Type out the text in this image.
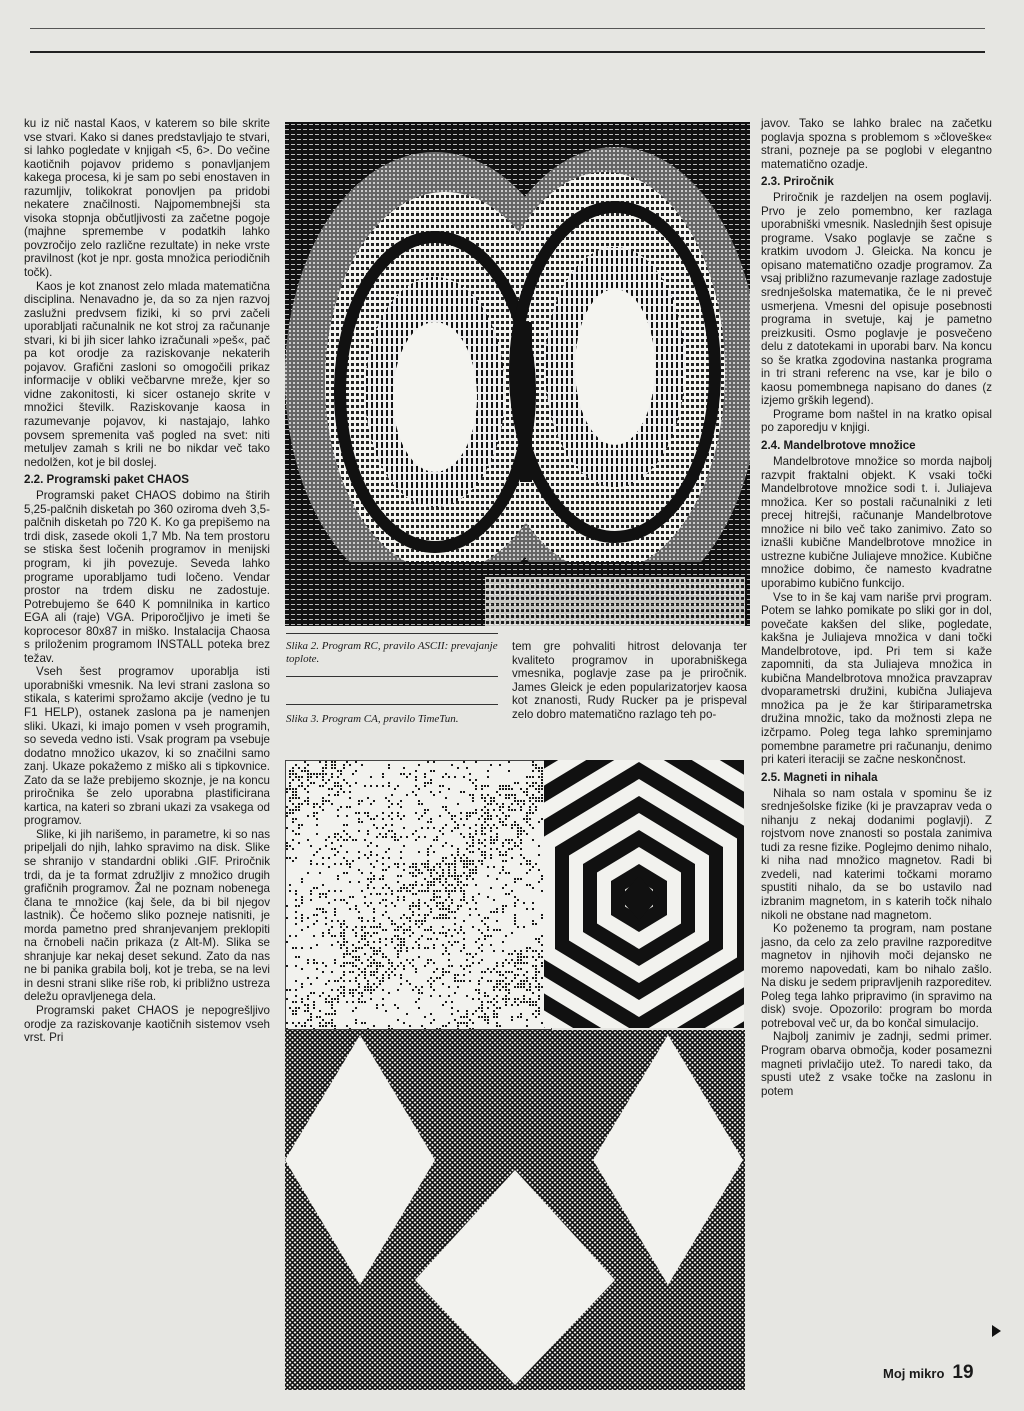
ku iz nič nastal Kaos, v katerem so bile skrite vse stvari. Kako si danes predstavljajo te stvari, si lahko pogledate v knjigah <5, 6>. Do večine kaotičnih pojavov pridemo s ponavljanjem kakega procesa, ki je sam po sebi enostaven in razumljiv, tolikokrat ponovljen pa pridobi nekatere značilnosti. Najpomembnejši sta visoka stopnja občutljivosti za začetne pogoje (majhne spremembe v podatkih lahko povzročijo zelo različne rezultate) in neke vrste pravilnost (kot je npr. gosta množica periodičnih točk).

Kaos je kot znanost zelo mlada matematična disciplina. Nenavadno je, da so za njen razvoj zaslužni predvsem fiziki, ki so prvi začeli uporabljati računalnik ne kot stroj za računanje stvari, ki bi jih sicer lahko izračunali »peš«, pač pa kot orodje za raziskovanje nekaterih pojavov. Grafični zasloni so omogočili prikaz informacije v obliki večbarvne mreže, kjer so vidne zakonitosti, ki sicer ostanejo skrite v množici številk. Raziskovanje kaosa in razumevanje pojavov, ki nastajajo, lahko povsem spremenita vaš pogled na svet: niti metuljev zamah s krili ne bo nikdar več tako nedolžen, kot je bil doslej.

2.2. Programski paket CHAOS

Programski paket CHAOS dobimo na štirih 5,25-palčnih disketah po 360 oziroma dveh 3,5-palčnih disketah po 720 K. Ko ga prepišemo na trdi disk, zasede okoli 1,7 Mb. Na tem prostoru se stiska šest ločenih programov in menijski program, ki jih povezuje. Seveda lahko programe uporabljamo tudi ločeno. Vendar prostor na trdem disku ne zadostuje. Potrebujemo še 640 K pomnilnika in kartico EGA ali (raje) VGA. Priporočljivo je imeti še koprocesor 80x87 in miško. Instalacija Chaosa s priloženim programom INSTALL poteka brez težav.

Vseh šest programov uporablja isti uporabniški vmesnik. Na levi strani zaslona so stikala, s katerimi sprožamo akcije (vedno je tu F1 HELP), ostanek zaslona pa je namenjen sliki. Ukazi, ki imajo pomen v vseh programih, so seveda vedno isti. Vsak program pa vsebuje dodatno množico ukazov, ki so značilni samo zanj. Ukaze pokažemo z miško ali s tipkovnice. Zato da se laže prebijemo skoznje, je na koncu priročnika še zelo uporabna plastificirana kartica, na kateri so zbrani ukazi za vsakega od programov.

Slike, ki jih narišemo, in parametre, ki so nas pripeljali do njih, lahko spravimo na disk. Slike se shranijo v standardni obliki .GIF. Priročnik trdi, da je ta format združljiv z množico drugih grafičnih programov. Žal ne poznam nobenega člana te množice (kaj šele, da bi bil njegov lastnik). Če hočemo sliko pozneje natisniti, je morda pametno pred shranjevanjem preklopiti na črnobeli način prikaza (z Alt-M). Slika se shranjuje kar nekaj deset sekund. Zato da nas ne bi panika grabila bolj, kot je treba, se na levi in desni strani slike riše rob, ki približno ustreza deležu opravljenega dela.

Programski paket CHAOS je nepogrešljivo orodje za raziskovanje kaotičnih sistemov vseh vrst. Pri

Slika 2. Program RC, pravilo ASCII: prevajanje toplote.
Slika 3. Program CA, pravilo TimeTun.

tem gre pohvaliti hitrost delovanja ter kvaliteto programov in uporabniškega vmesnika, poglavje zase pa je priročnik. James Gleick je eden popularizatorjev kaosa kot znanosti, Rudy Rucker pa je prispeval zelo dobro matematično razlago teh po-

javov. Tako se lahko bralec na začetku poglavja spozna s problemom s »človeške« strani, pozneje pa se poglobi v elegantno matematično ozadje.

2.3. Priročnik

Priročnik je razdeljen na osem poglavij. Prvo je zelo pomembno, ker razlaga uporabniški vmesnik. Naslednjih šest opisuje programe. Vsako poglavje se začne s kratkim uvodom J. Gleicka. Na koncu je opisano matematično ozadje programov. Za vsaj približno razumevanje razlage zadostuje srednješolska matematika, če le ni preveč usmerjena. Vmesni del opisuje posebnosti programa in svetuje, kaj je pametno preizkusiti. Osmo poglavje je posvečeno delu z datotekami in uporabi barv. Na koncu so še kratka zgodovina nastanka programa in tri strani referenc na vse, kar je bilo o kaosu pomembnega napisano do danes (z izjemo grških legend).

Programe bom naštel in na kratko opisal po zaporedju v knjigi.

2.4. Mandelbrotove množice

Mandelbrotove množice so morda najbolj razvpit fraktalni objekt. K vsaki točki Mandelbrotove množice sodi t. i. Juliajeva množica. Ker so postali računalniki z leti precej hitrejši, računanje Mandelbrotove množice ni bilo več tako zanimivo. Zato so iznašli kubične Mandelbrotove množice in ustrezne kubične Juliajeve množice. Kubične množice dobimo, če namesto kvadratne uporabimo kubično funkcijo.

Vse to in še kaj vam nariše prvi program. Potem se lahko pomikate po sliki gor in dol, povečate kakšen del slike, pogledate, kakšna je Juliajeva množica v dani točki Mandelbrotove, ipd. Pri tem si kaže zapomniti, da sta Juliajeva množica in kubična Mandelbrotova množica pravzaprav dvoparametrski družini, kubična Juliajeva množica pa je že kar štiriparametrska družina množic, tako da možnosti zlepa ne izčrpamo. Poleg tega lahko spreminjamo pomembne parametre pri računanju, denimo pri kateri iteraciji se začne neskončnost.

2.5. Magneti in nihala

Nihala so nam ostala v spominu še iz srednješolske fizike (ki je pravzaprav veda o nihanju z nekaj dodanimi poglavji). Z rojstvom nove znanosti so postala zanimiva tudi za resne fizike. Poglejmo denimo nihalo, ki niha nad množico magnetov. Radi bi zvedeli, nad katerimi točkami moramo spustiti nihalo, da se bo ustavilo nad izbranim magnetom, in s katerih točk nihalo nikoli ne obstane nad magnetom.

Ko poženemo ta program, nam postane jasno, da celo za zelo pravilne razporeditve magnetov in njihovih moči dejansko ne moremo napovedati, kam bo nihalo zašlo. Na disku je sedem pripravljenih razporeditev. Poleg tega lahko pripravimo (in spravimo na disk) svoje. Opozorilo: program bo morda potreboval več ur, da bo končal simulacijo.

Najbolj zanimiv je zadnji, sedmi primer. Program obarva območja, koder posamezni magneti privlačijo utež. To naredi tako, da spusti utež z vsake točke na zaslonu in potem

Moj mikro 19
